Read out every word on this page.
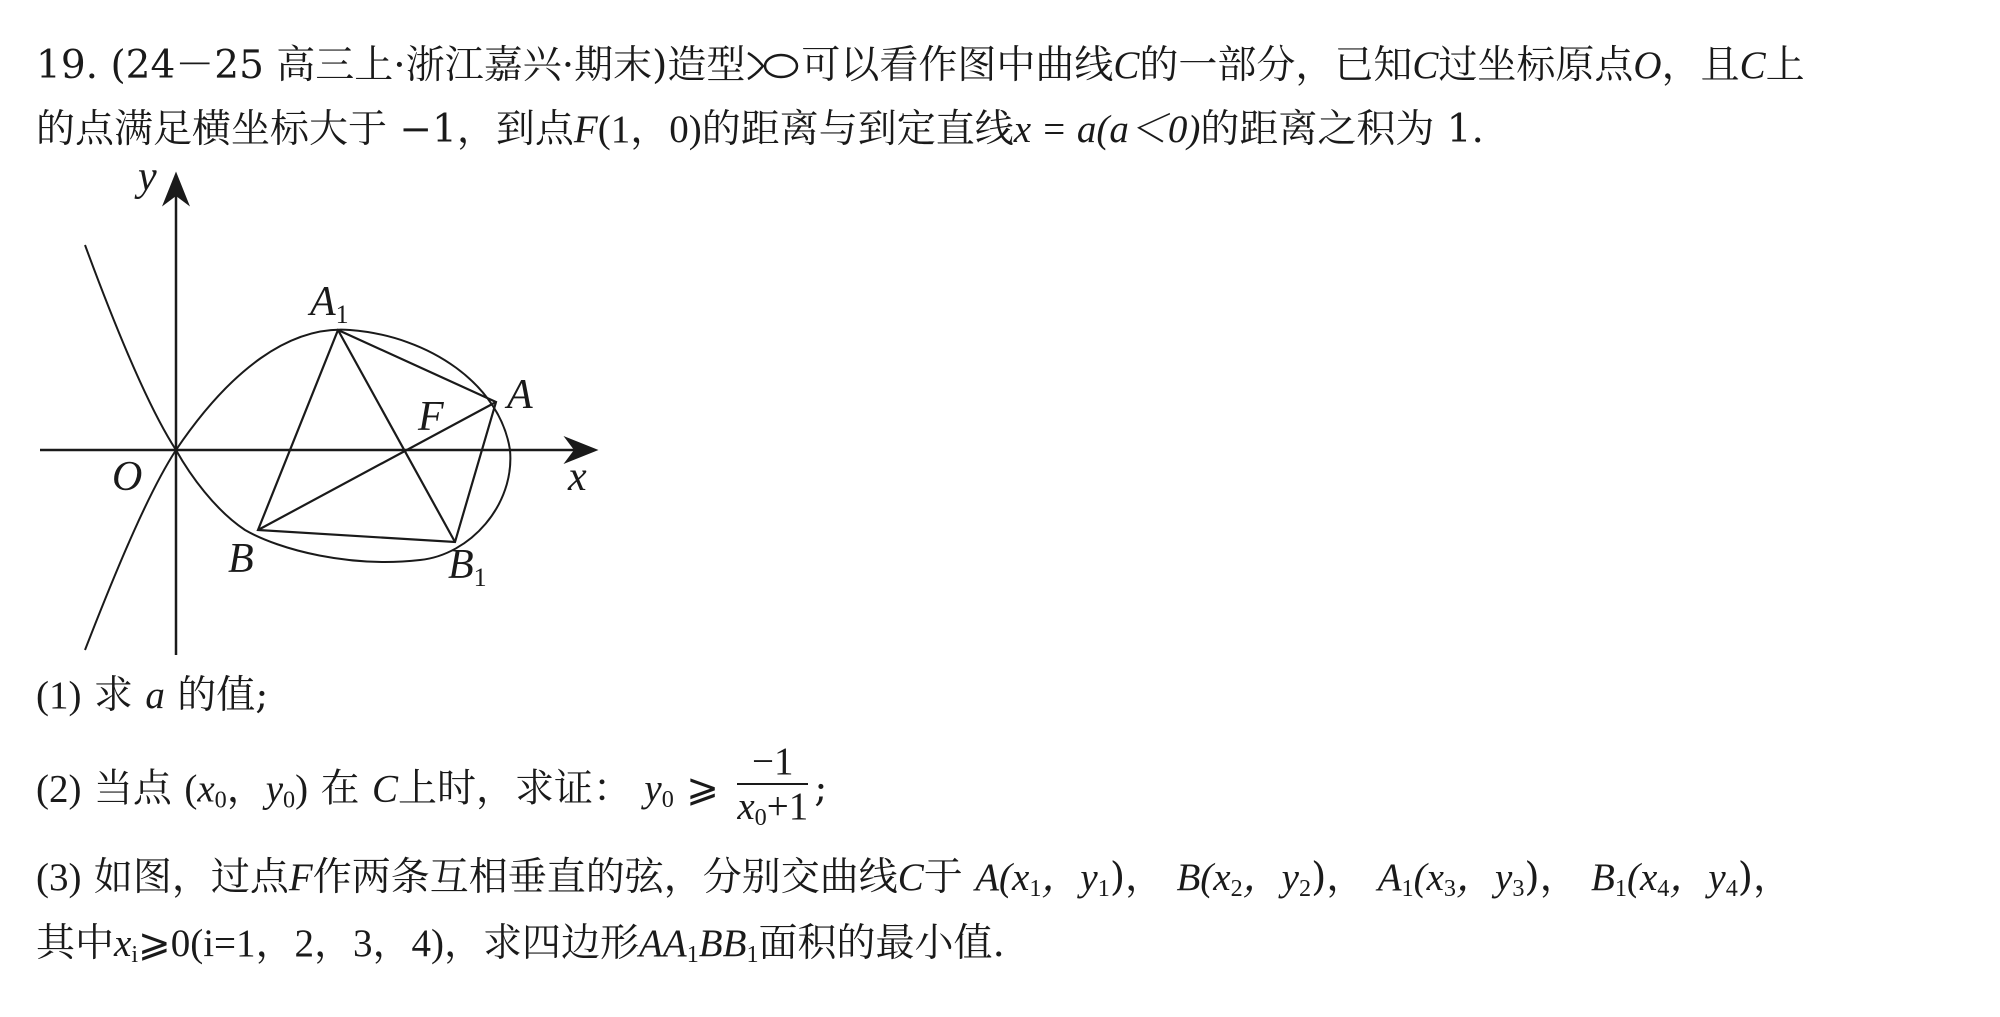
19. (24－25 高三上·浙江嘉兴·期末)造型 可以看作图中曲线C的一部分，已知C过坐标原点O，且C上
的点满足横坐标大于 −1，到点F(1，0)的距离与到定直线x = a(a＜0)的距离之积为 1.
y
x
O
F A
A1
B	B1
(1) 求 a 的值;
(2) 当点 ($x_0$，$y_0$) 在 C上时，求证： $y_0$ ⩾ $\frac{-1}{x_0+1}$ ;
(3) 如图，过点F作两条互相垂直的弦，分别交曲线C于 $A(x_1$，$y_1$)， $B(x_2$，$y_2$)， $A_1(x_3$，$y_3$)， $B_1(x_4$，$y_4$)，
其中$x_i⩾0(i=1$，2，3，4)，求四边形$AA_1BB_1$面积的最小值.
